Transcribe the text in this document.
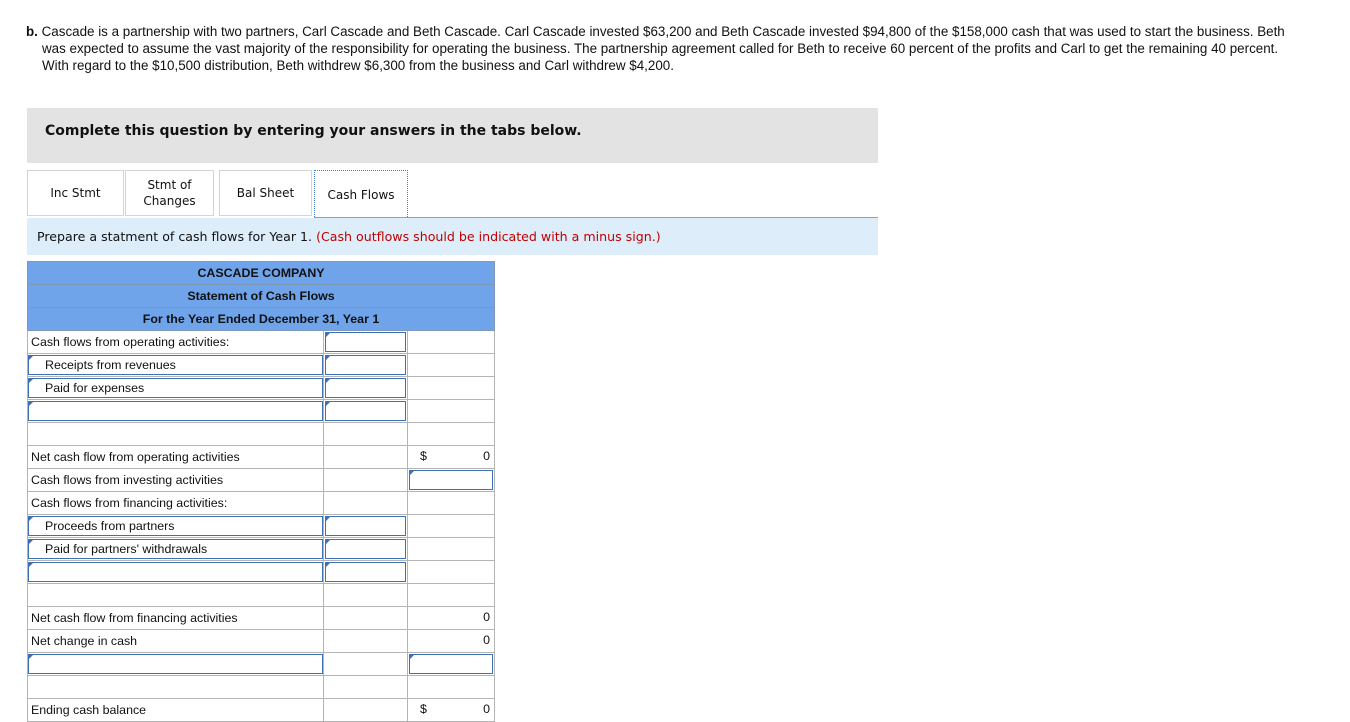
b. Cascade is a partnership with two partners, Carl Cascade and Beth Cascade. Carl Cascade invested $63,200 and Beth Cascade invested $94,800 of the $158,000 cash that was used to start the business. Beth
was expected to assume the vast majority of the responsibility for operating the business. The partnership agreement called for Beth to receive 60 percent of the profits and Carl to get the remaining 40 percent.
With regard to the $10,500 distribution, Beth withdrew $6,300 from the business and Carl withdrew $4,200.
Complete this question by entering your answers in the tabs below.
Inc Stmt
Stmt of Changes
Bal Sheet	Cash Flows
Prepare a statment of cash flows for Year 1. (Cash outflows should be indicated with a minus sign.)
CASCADE COMPANY		
Statement of Cash Flows		
For the Year Ended December 31, Year 1		
Cash flows from operating activities:	

Receipts from revenues		

Paid for expenses		

Net cash flow from operating activities		$ 0

Cash flows from investing activities		

Cash flows from financing activities:		

Proceeds from partners		

Paid for partners' withdrawals		

Net cash flow from financing activities		0

Net change in cash		0

Ending cash balance		$ 0
